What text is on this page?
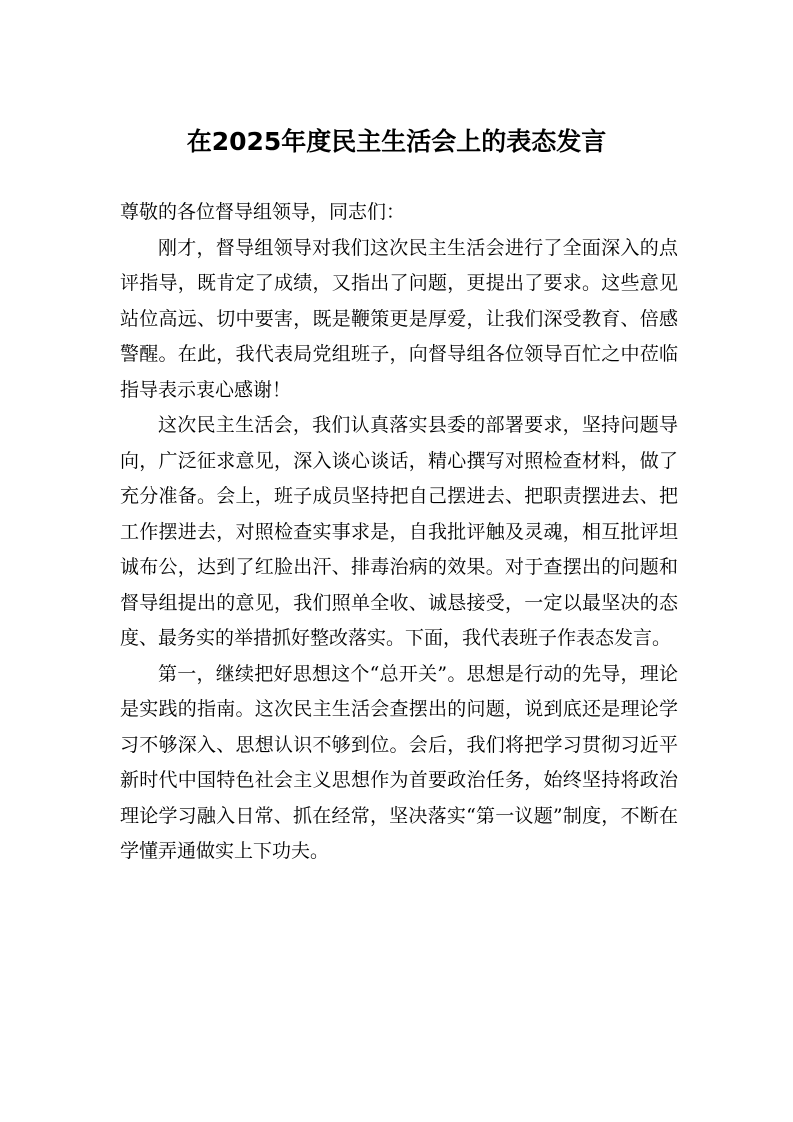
在2025年度民主生活会上的表态发言

尊敬的各位督导组领导，同志们：

刚才，督导组领导对我们这次民主生活会进行了全面深入的点评指导，既肯定了成绩，又指出了问题，更提出了要求。这些意见站位高远、切中要害，既是鞭策更是厚爱，让我们深受教育、倍感警醒。在此，我代表局党组班子，向督导组各位领导百忙之中莅临指导表示衷心感谢！

这次民主生活会，我们认真落实县委的部署要求，坚持问题导向，广泛征求意见，深入谈心谈话，精心撰写对照检查材料，做了充分准备。会上，班子成员坚持把自己摆进去、把职责摆进去、把工作摆进去，对照检查实事求是，自我批评触及灵魂，相互批评坦诚布公，达到了红脸出汗、排毒治病的效果。对于查摆出的问题和督导组提出的意见，我们照单全收、诚恳接受，一定以最坚决的态度、最务实的举措抓好整改落实。下面，我代表班子作表态发言。

第一，继续把好思想这个“总开关”。思想是行动的先导，理论是实践的指南。这次民主生活会查摆出的问题，说到底还是理论学习不够深入、思想认识不够到位。会后，我们将把学习贯彻习近平新时代中国特色社会主义思想作为首要政治任务，始终坚持将政治理论学习融入日常、抓在经常，坚决落实“第一议题”制度，不断在学懂弄通做实上下功夫。
